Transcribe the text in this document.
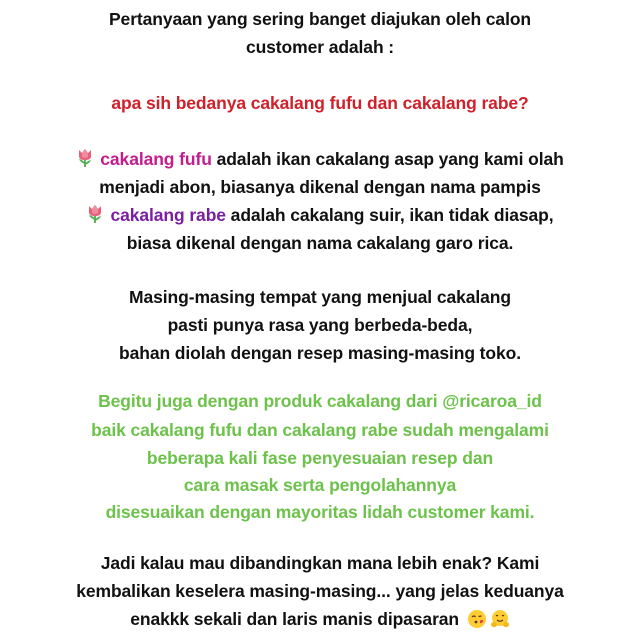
Pertanyaan yang sering banget diajukan oleh calon
customer adalah :
apa sih bedanya cakalang fufu dan cakalang rabe?
cakalang fufu adalah ikan cakalang asap yang kami olah
menjadi abon, biasanya dikenal dengan nama pampis
cakalang rabe adalah cakalang suir, ikan tidak diasap,
biasa dikenal dengan nama cakalang garo rica.
Masing-masing tempat yang menjual cakalang
pasti punya rasa yang berbeda-beda,
bahan diolah dengan resep masing-masing toko.
Begitu juga dengan produk cakalang dari @ricaroa_id
baik cakalang fufu dan cakalang rabe sudah mengalami
beberapa kali fase penyesuaian resep dan
cara masak serta pengolahannya
disesuaikan dengan mayoritas lidah customer kami.
Jadi kalau mau dibandingkan mana lebih enak? Kami
kembalikan keselera masing-masing... yang jelas keduanya
enakkk sekali dan laris manis dipasaran
